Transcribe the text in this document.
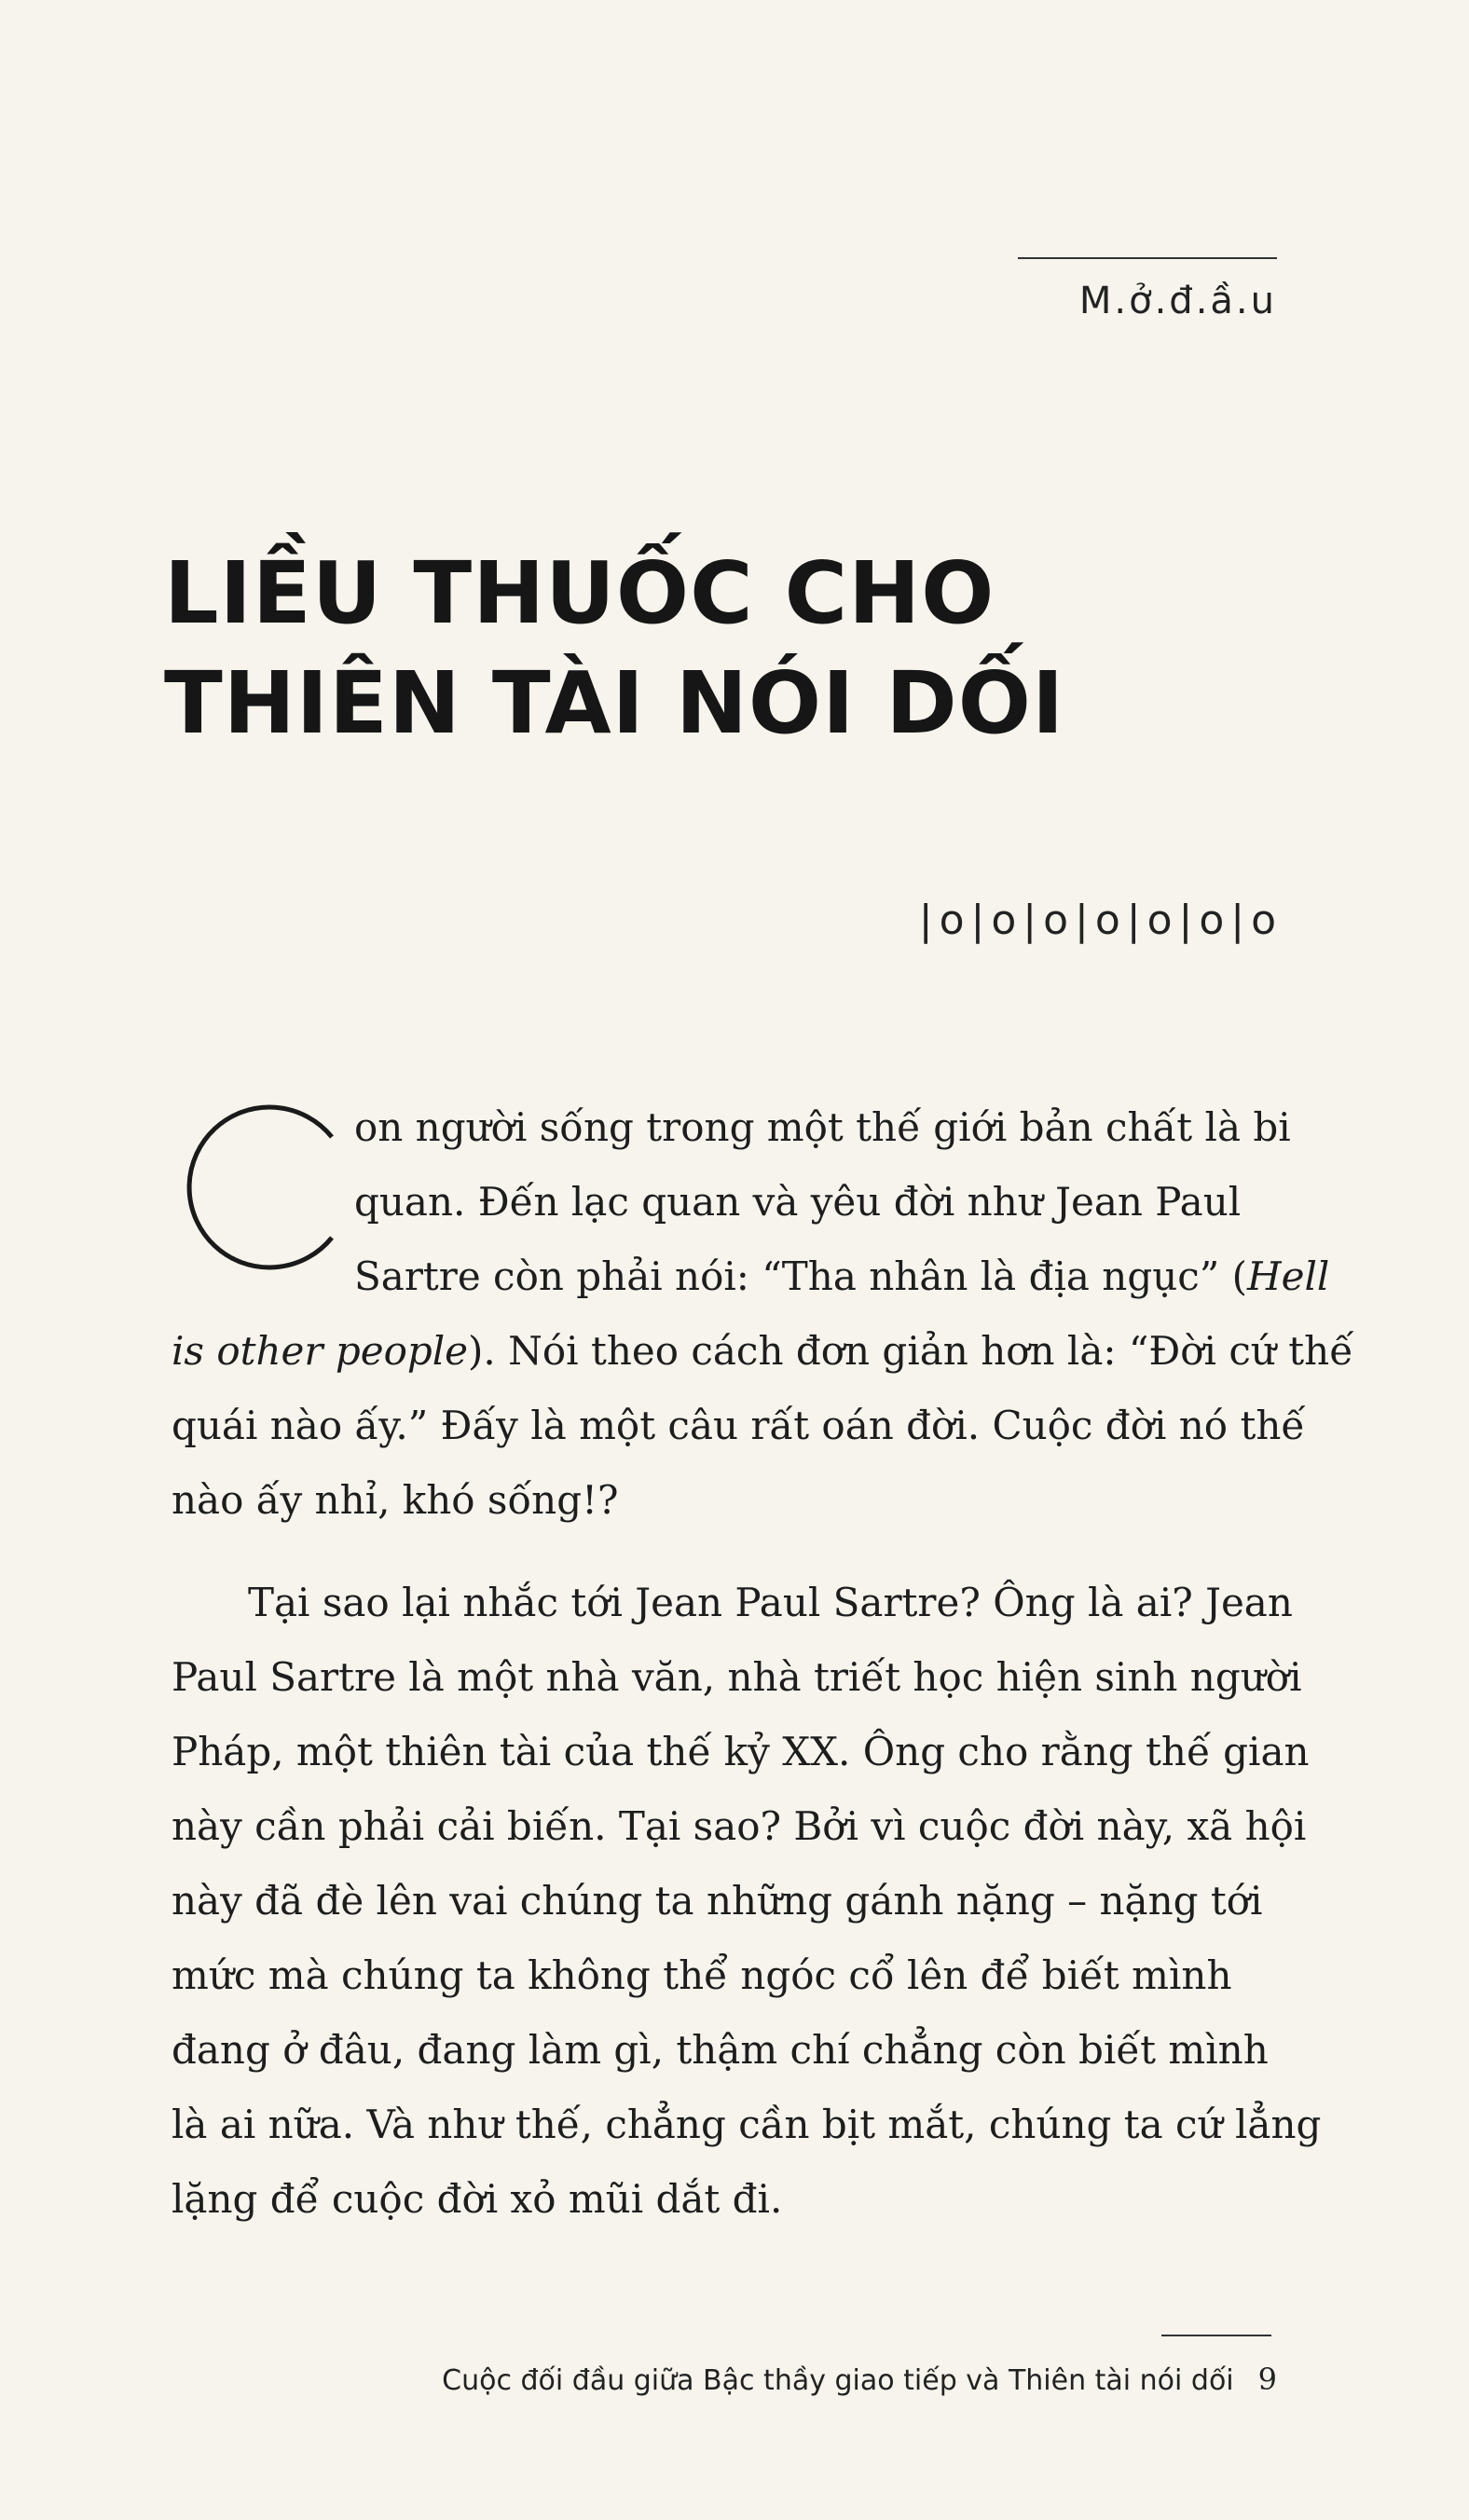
M.ở.đ.ầ.u
LIỀU THUỐC CHO
THIÊN TÀI NÓI DỐI
|o|o|o|o|o|o|o
on người sống trong một thế giới bản chất là bi
quan. Đến lạc quan và yêu đời như Jean Paul
Sartre còn phải nói: “Tha nhân là địa ngục” (Hell
is other people). Nói theo cách đơn giản hơn là: “Đời cứ thế
quái nào ấy.” Đấy là một câu rất oán đời. Cuộc đời nó thế
nào ấy nhỉ, khó sống!?
Tại sao lại nhắc tới Jean Paul Sartre? Ông là ai? Jean
Paul Sartre là một nhà văn, nhà triết học hiện sinh người
Pháp, một thiên tài của thế kỷ XX. Ông cho rằng thế gian
này cần phải cải biến. Tại sao? Bởi vì cuộc đời này, xã hội
này đã đè lên vai chúng ta những gánh nặng – nặng tới
mức mà chúng ta không thể ngóc cổ lên để biết mình
đang ở đâu, đang làm gì, thậm chí chẳng còn biết mình
là ai nữa. Và như thế, chẳng cần bịt mắt, chúng ta cứ lẳng
lặng để cuộc đời xỏ mũi dắt đi.
Cuộc đối đầu giữa Bậc thầy giao tiếp và Thiên tài nói dối 9
